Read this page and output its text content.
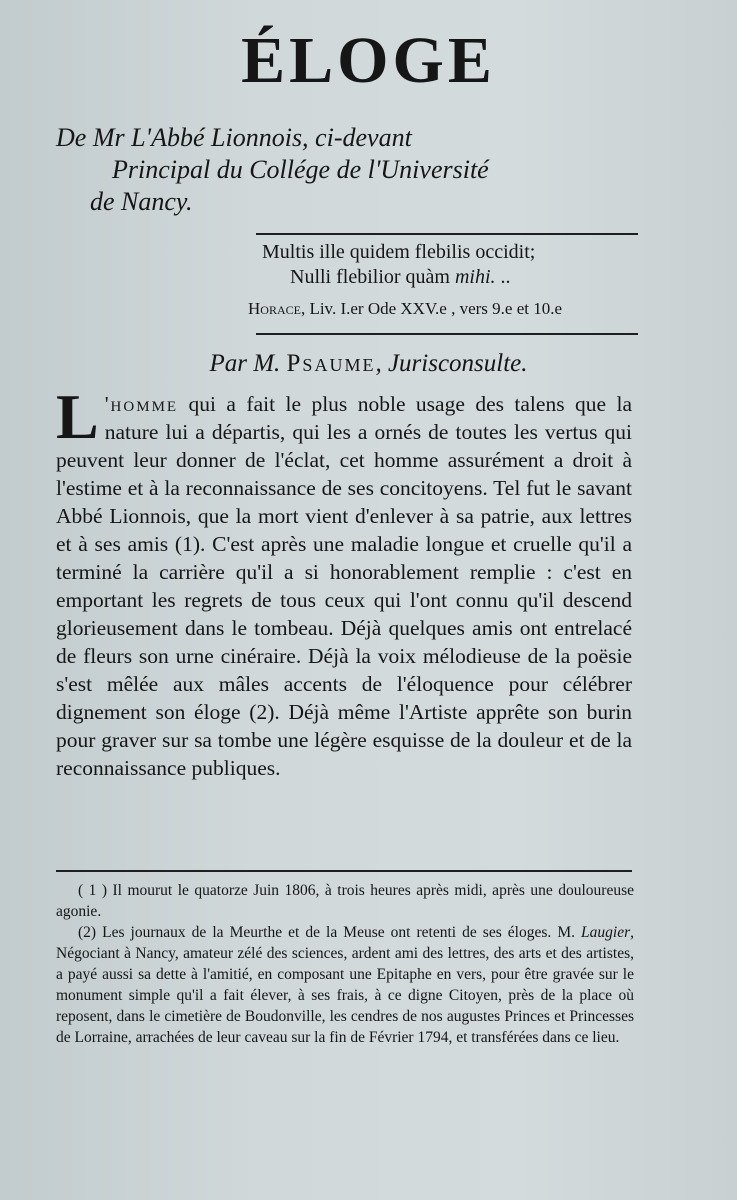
ÉLOGE
De Mr L'Abbé Lionnois, ci-devant
Principal du Collége de l'Université
de Nancy.
Multis ille quidem flebilis occidit;
Nulli flebilior quàm mihi. ..
Horace, Liv. I.er Ode XXV.e , vers 9.e et 10.e
Par M. Psaume, Jurisconsulte.
L 'homme qui a fait le plus noble usage des talens que la nature lui a départis, qui les a ornés de toutes les vertus qui peuvent leur donner de l'éclat, cet homme assurément a droit à l'estime et à la reconnaissance de ses concitoyens. Tel fut le savant Abbé Lionnois, que la mort vient d'enlever à sa patrie, aux lettres et à ses amis (1). C'est après une maladie longue et cruelle qu'il a terminé la carrière qu'il a si honorablement remplie : c'est en emportant les regrets de tous ceux qui l'ont connu qu'il descend glorieusement dans le tombeau. Déjà quelques amis ont entrelacé de fleurs son urne cinéraire. Déjà la voix mélodieuse de la poësie s'est mêlée aux mâles accents de l'éloquence pour célébrer dignement son éloge (2). Déjà même l'Artiste apprête son burin pour graver sur sa tombe une légère esquisse de la douleur et de la reconnaissance publiques.

( 1 ) Il mourut le quatorze Juin 1806, à trois heures après midi, après une douloureuse agonie.

(2) Les journaux de la Meurthe et de la Meuse ont retenti de ses éloges. M. Laugier, Négociant à Nancy, amateur zélé des sciences, ardent ami des lettres, des arts et des artistes, a payé aussi sa dette à l'amitié, en composant une Epitaphe en vers, pour être gravée sur le monument simple qu'il a fait élever, à ses frais, à ce digne Citoyen, près de la place où reposent, dans le cimetière de Boudonville, les cendres de nos augustes Princes et Princesses de Lorraine, arrachées de leur caveau sur la fin de Février 1794, et transférées dans ce lieu.
